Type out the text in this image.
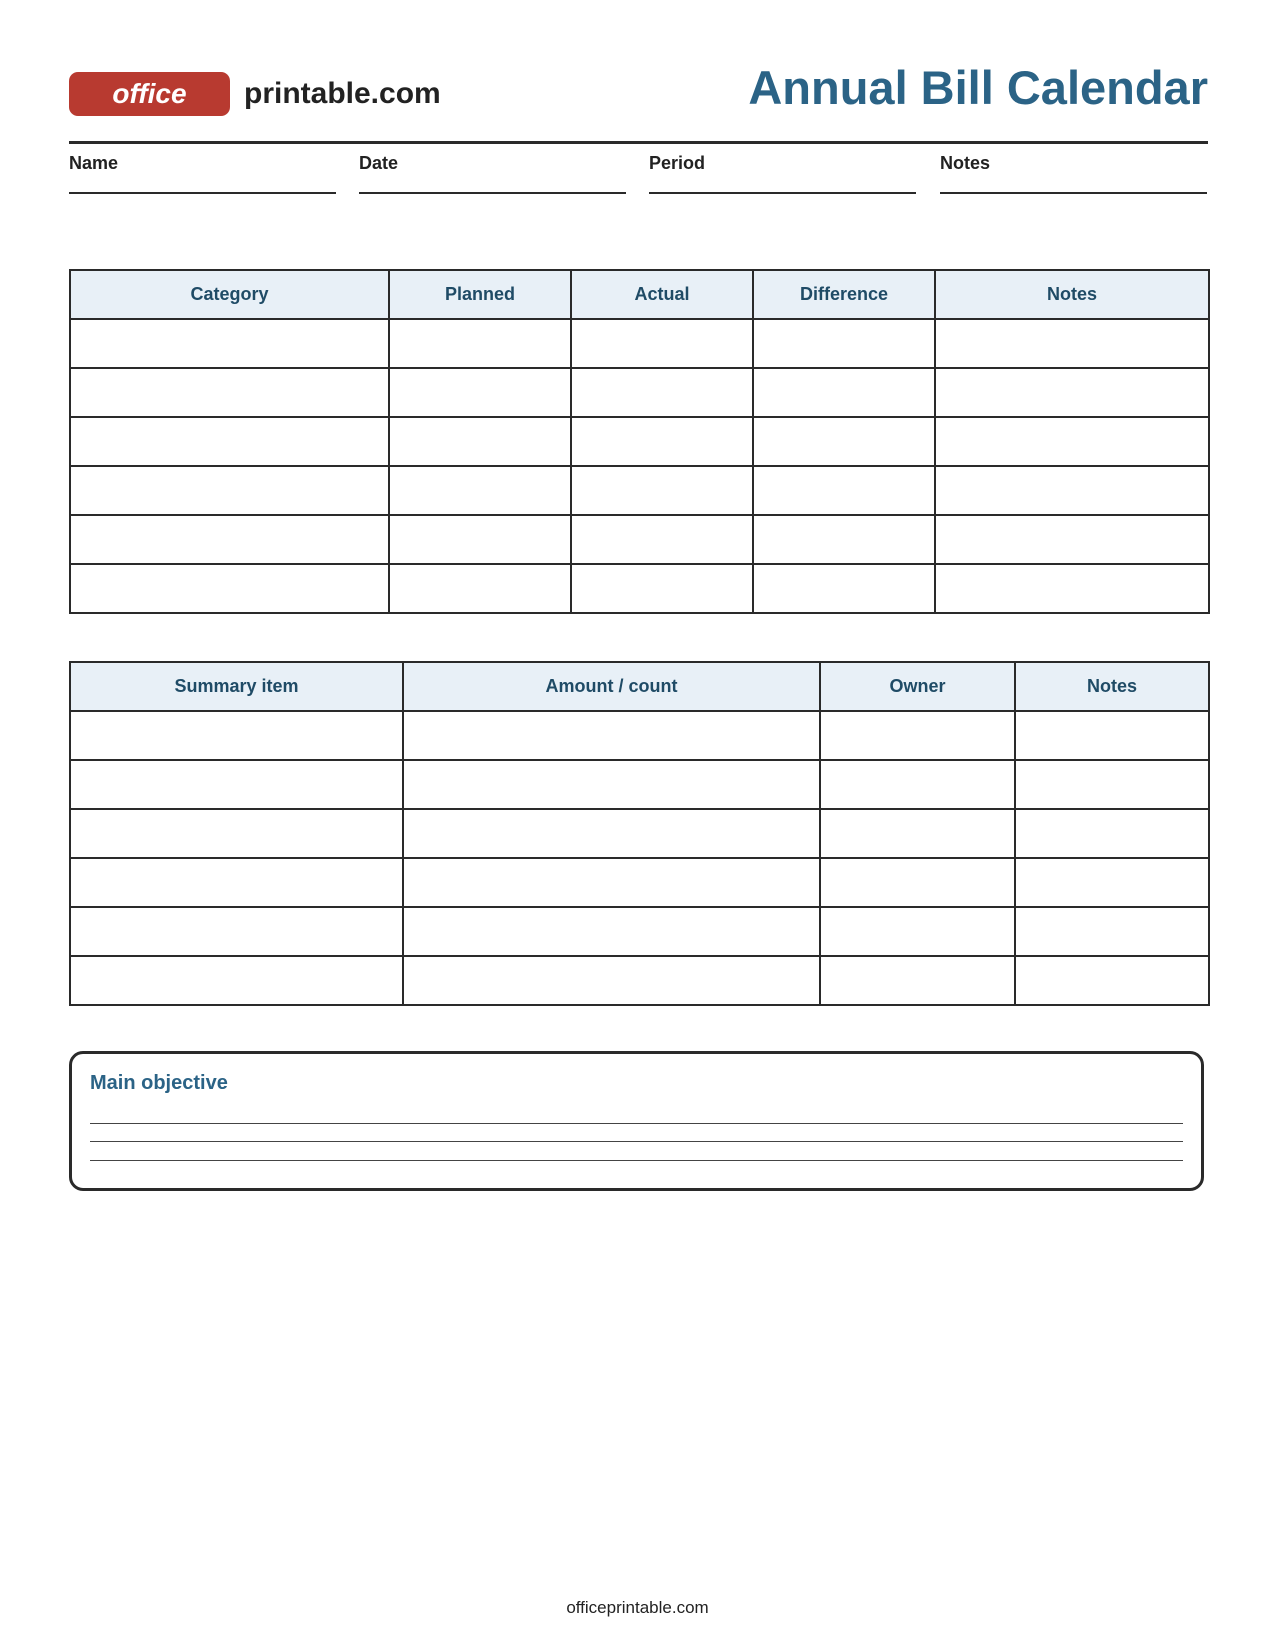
office	printable.com	Annual Bill Calendar
Name	Date	Period	Notes
Category	Planned	Actual	Difference	Notes

Summary item	Amount / count	Owner	Notes

Main objective
officeprintable.com
